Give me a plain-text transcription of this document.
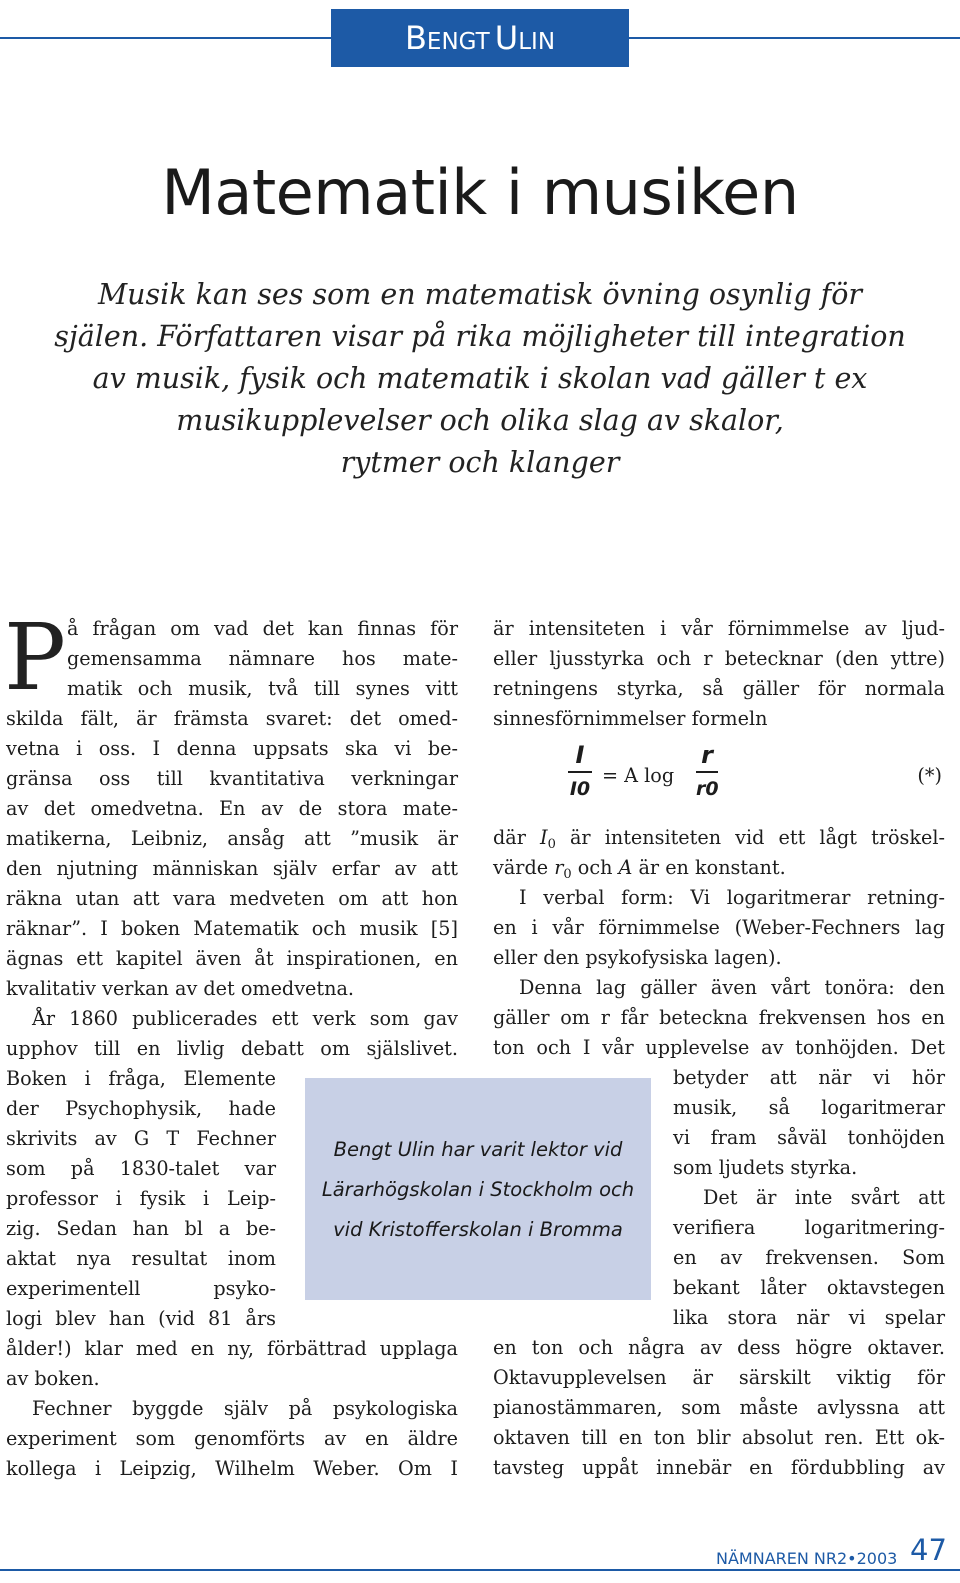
BENGT ULIN
Matematik i musiken
Musik kan ses som en matematisk övning osynlig för
själen. Författaren visar på rika möjligheter till integration
av musik, fysik och matematik i skolan vad gäller t ex
musikupplevelser och olika slag av skalor,
rytmer och klanger
P å frågan om vad det kan finnas för
gemensamma nämnare hos mate-
matik och musik, två till synes vitt
skilda fält, är främsta svaret: det omed-
vetna i oss. I denna uppsats ska vi be-
gränsa oss till kvantitativa verkningar
av det omedvetna. En av de stora mate-
matikerna, Leibniz, ansåg att ”musik är
den njutning människan själv erfar av att
räkna utan att vara medveten om att hon
räknar”. I boken Matematik och musik [5]
ägnas ett kapitel även åt inspirationen, en
kvalitativ verkan av det omedvetna.
År 1860 publicerades ett verk som gav
upphov till en livlig debatt om själslivet.
Boken i fråga, Elemente
der Psychophysik, hade
skrivits av G T Fechner
som på 1830-talet var
professor i fysik i Leip-
zig. Sedan han bl a be-
aktat nya resultat inom
experimentell psyko-
logi blev han (vid 81 års
ålder!) klar med en ny, förbättrad upplaga
av boken.
Fechner byggde själv på psykologiska
experiment som genomförts av en äldre
kollega i Leipzig, Wilhelm Weber. Om I
är intensiteten i vår förnimmelse av ljud-
eller ljusstyrka och r betecknar (den yttre)
retningens styrka, så gäller för normala
sinnesförnimmelser formeln
I
I0
= A log
r
r0
(*)
där $I_0$ är intensiteten vid ett lågt tröskel-
värde $r_0$ och A är en konstant.
I verbal form: Vi logaritmerar retning-
en i vår förnimmelse (Weber-Fechners lag
eller den psykofysiska lagen).
Denna lag gäller även vårt tonöra: den
gäller om r får beteckna frekvensen hos en
ton och I vår upplevelse av tonhöjden. Det
betyder att när vi hör
musik, så logaritmerar
vi fram såväl tonhöjden
som ljudets styrka.
Det är inte svårt att
verifiera logaritmering-
en av frekvensen. Som
bekant låter oktavstegen
lika stora när vi spelar
en ton och några av dess högre oktaver.
Oktavupplevelsen är särskilt viktig för
pianostämmaren, som måste avlyssna att
oktaven till en ton blir absolut ren. Ett ok-
tavsteg uppåt innebär en fördubbling av
Bengt Ulin har varit lektor vid
Lärarhögskolan i Stockholm och
vid Kristofferskolan i Bromma
NÄMNAREN NR2•2003 47
